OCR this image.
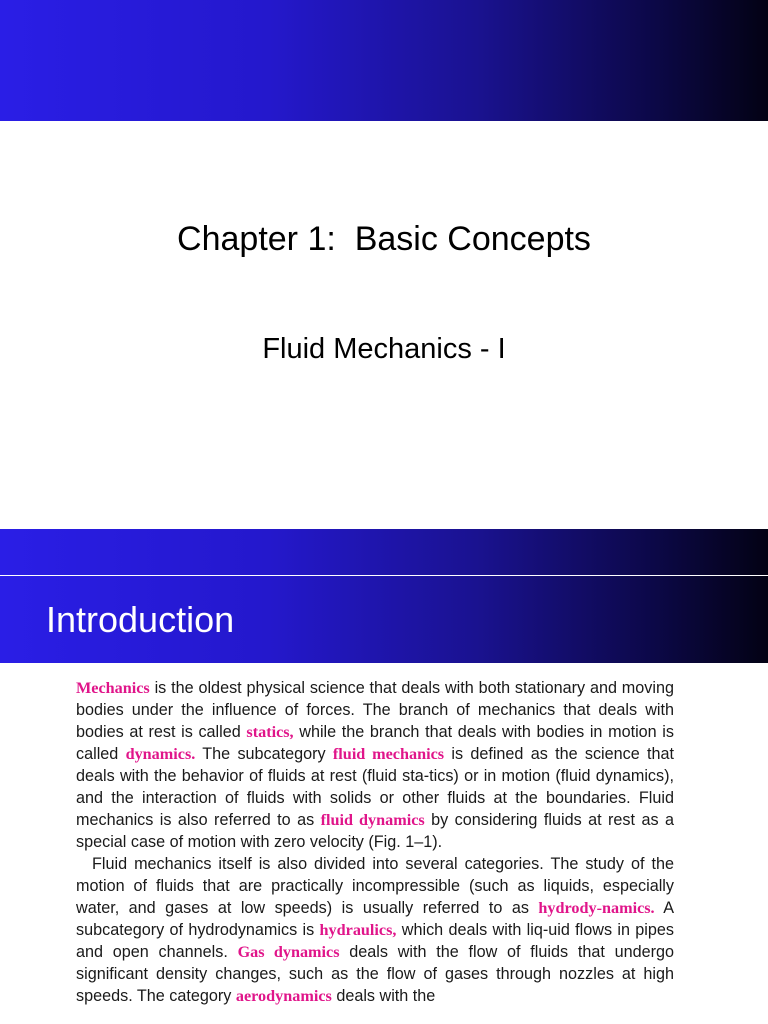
Chapter 1:  Basic Concepts
Fluid Mechanics - I
Introduction

Mechanics is the oldest physical science that deals with both stationary and moving bodies under the influence of forces. The branch of mechanics that deals with bodies at rest is called statics, while the branch that deals with bodies in motion is called dynamics. The subcategory fluid mechanics is defined as the science that deals with the behavior of fluids at rest (fluid sta-tics) or in motion (fluid dynamics), and the interaction of fluids with solids or other fluids at the boundaries. Fluid mechanics is also referred to as fluid dynamics by considering fluids at rest as a special case of motion with zero velocity (Fig. 1–1).

Fluid mechanics itself is also divided into several categories. The study of the motion of fluids that are practically incompressible (such as liquids, especially water, and gases at low speeds) is usually referred to as hydrody-namics. A subcategory of hydrodynamics is hydraulics, which deals with liq-uid flows in pipes and open channels. Gas dynamics deals with the flow of fluids that undergo significant density changes, such as the flow of gases through nozzles at high speeds. The category aerodynamics deals with the
